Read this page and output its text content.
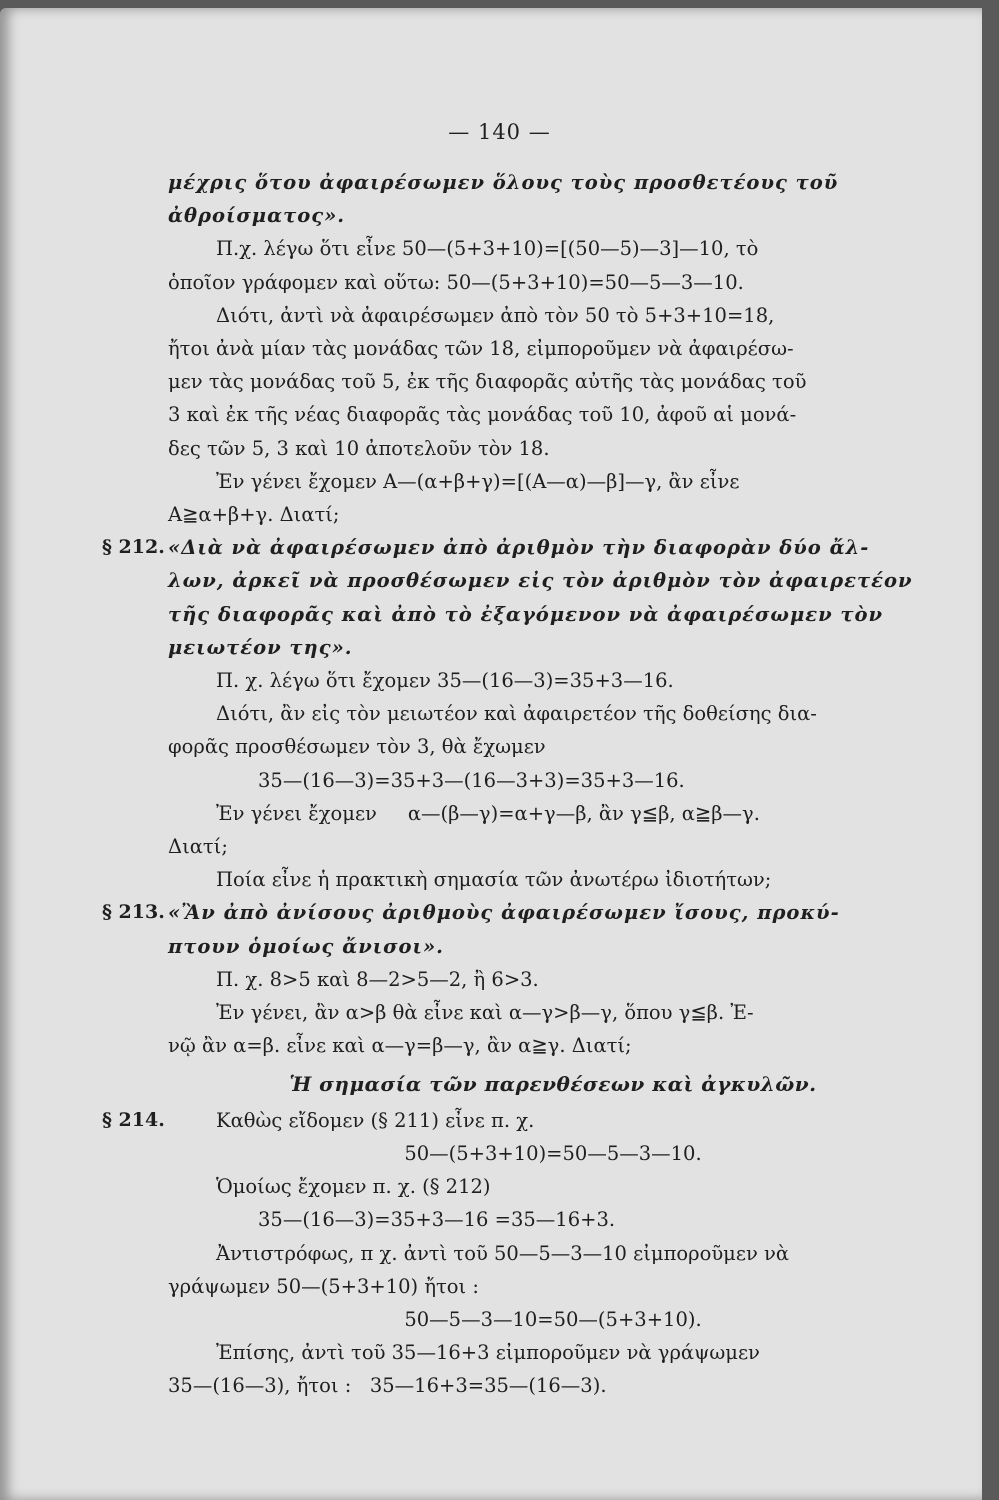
— 140 —
μέχρις ὅτου ἀφαιρέσωμεν ὅλους τοὺς προσθετέους τοῦ
ἀθροίσματος».
Π.χ. λέγω ὅτι εἶνε 50—(5+3+10)=[(50—5)—3]—10, τὸ
ὁποῖον γράφομεν καὶ οὕτω: 50—(5+3+10)=50—5—3—10.
Διότι, ἀντὶ νὰ ἀφαιρέσωμεν ἀπὸ τὸν 50 τὸ 5+3+10=18,
ἤτοι ἀνὰ μίαν τὰς μονάδας τῶν 18, εἰμποροῦμεν νὰ ἀφαιρέσω-
μεν τὰς μονάδας τοῦ 5, ἐκ τῆς διαφορᾶς αὐτῆς τὰς μονάδας τοῦ
3 καὶ ἐκ τῆς νέας διαφορᾶς τὰς μονάδας τοῦ 10, ἀφοῦ αἱ μονά-
δες τῶν 5, 3 καὶ 10 ἀποτελοῦν τὸν 18.
Ἐν γένει ἔχομεν Α—(α+β+γ)=[(Α—α)—β]—γ, ἂν εἶνε
Α≧α+β+γ. Διατί;
§ 212. «Διὰ νὰ ἀφαιρέσωμεν ἀπὸ ἀριθμὸν τὴν διαφορὰν δύο ἄλ-
λων, ἀρκεῖ νὰ προσθέσωμεν εἰς τὸν ἀριθμὸν τὸν ἀφαιρετέον
τῆς διαφορᾶς καὶ ἀπὸ τὸ ἐξαγόμενον νὰ ἀφαιρέσωμεν τὸν
μειωτέον της».
Π. χ. λέγω ὅτι ἔχομεν 35—(16—3)=35+3—16.
Διότι, ἂν εἰς τὸν μειωτέον καὶ ἀφαιρετέον τῆς δοθείσης δια-
φορᾶς προσθέσωμεν τὸν 3, θὰ ἔχωμεν
35—(16—3)=35+3—(16—3+3)=35+3—16.
Ἐν γένει ἔχομεν     α—(β—γ)=α+γ—β, ἂν γ≦β, α≧β—γ.
Διατί;
Ποία εἶνε ἡ πρακτικὴ σημασία τῶν ἀνωτέρω ἰδιοτήτων;
§ 213. «Ἂν ἀπὸ ἀνίσους ἀριθμοὺς ἀφαιρέσωμεν ἴσους, προκύ-
πτουν ὁμοίως ἄνισοι».
Π. χ. 8>5 καὶ 8—2>5—2, ἢ 6>3.
Ἐν γένει, ἂν α>β θὰ εἶνε καὶ α—γ>β—γ, ὅπου γ≦β. Ἐ-
νῷ ἂν α=β. εἶνε καὶ α—γ=β—γ, ἂν α≧γ. Διατί;
Ἡ σημασία τῶν παρενθέσεων καὶ ἀγκυλῶν.
§ 214.	Καθὼς εἴδομεν (§ 211) εἶνε π. χ.
50—(5+3+10)=50—5—3—10.
Ὁμοίως ἔχομεν π. χ. (§ 212)
35—(16—3)=35+3—16 =35—16+3.
Ἀντιστρόφως, π χ. ἀντὶ τοῦ 50—5—3—10 εἰμποροῦμεν νὰ
γράψωμεν 50—(5+3+10) ἤτοι :
50—5—3—10=50—(5+3+10).
Ἐπίσης, ἀντὶ τοῦ 35—16+3 εἰμποροῦμεν νὰ γράψωμεν
35—(16—3), ἤτοι :   35—16+3=35—(16—3).
